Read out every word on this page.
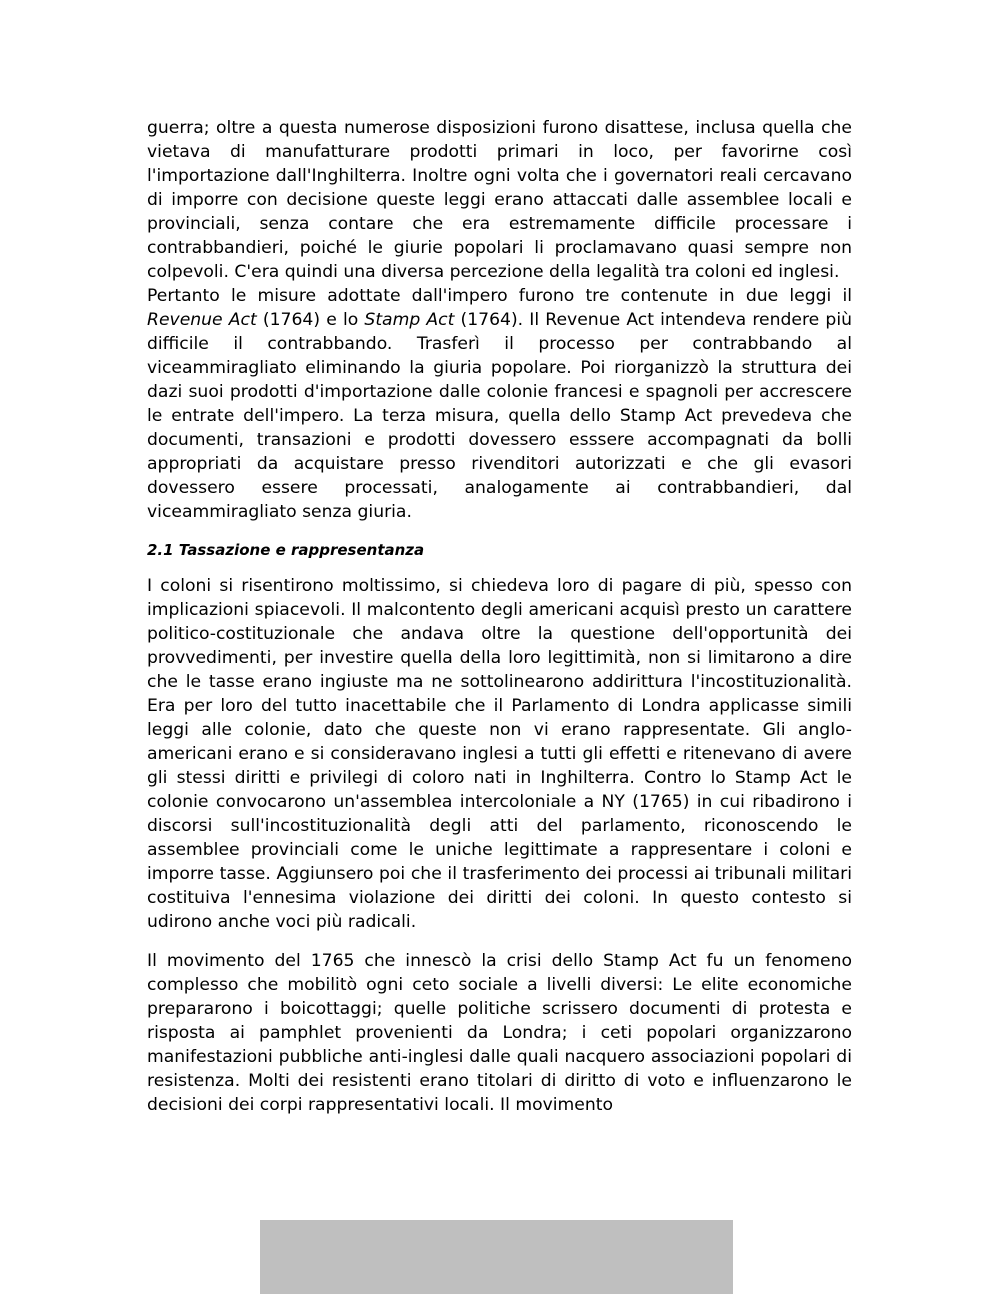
guerra; oltre a questa numerose disposizioni furono disattese, inclusa quella che vietava di manufatturare prodotti primari in loco, per favorirne così l'importazione dall'Inghilterra. Inoltre ogni volta che i governatori reali cercavano di imporre con decisione queste leggi erano attaccati dalle assemblee locali e provinciali, senza contare che era estremamente difficile processare i contrabbandieri, poiché le giurie popolari li proclamavano quasi sempre non colpevoli. C'era quindi una diversa percezione della legalità tra coloni ed inglesi.
Pertanto le misure adottate dall'impero furono tre contenute in due leggi il Revenue Act (1764) e lo Stamp Act (1764). Il Revenue Act intendeva rendere più difficile il contrabbando. Trasferì il processo per contrabbando al viceammiragliato eliminando la giuria popolare. Poi riorganizzò la struttura dei dazi suoi prodotti d'importazione dalle colonie francesi e spagnoli per accrescere le entrate dell'impero. La terza misura, quella dello Stamp Act prevedeva che documenti, transazioni e prodotti dovessero esssere accompagnati da bolli appropriati da acquistare presso rivenditori autorizzati e che gli evasori dovessero essere processati, analogamente ai contrabbandieri, dal viceammiragliato senza giuria.

2.1 Tassazione e rappresentanza

I coloni si risentirono moltissimo, si chiedeva loro di pagare di più, spesso con implicazioni spiacevoli. Il malcontento degli americani acquisì presto un carattere politico-costituzionale che andava oltre la questione dell'opportunità dei provvedimenti, per investire quella della loro legittimità, non si limitarono a dire che le tasse erano ingiuste ma ne sottolinearono addirittura l'incostituzionalità. Era per loro del tutto inacettabile che il Parlamento di Londra applicasse simili leggi alle colonie, dato che queste non vi erano rappresentate. Gli anglo-americani erano e si consideravano inglesi a tutti gli effetti e ritenevano di avere gli stessi diritti e privilegi di coloro nati in Inghilterra. Contro lo Stamp Act le colonie convocarono un'assemblea intercoloniale a NY (1765) in cui ribadirono i discorsi sull'incostituzionalità degli atti del parlamento, riconoscendo le assemblee provinciali come le uniche legittimate a rappresentare i coloni e imporre tasse. Aggiunsero poi che il trasferimento dei processi ai tribunali militari costituiva l'ennesima violazione dei diritti dei coloni. In questo contesto si udirono anche voci più radicali.

Il movimento del 1765 che innescò la crisi dello Stamp Act fu un fenomeno complesso che mobilitò ogni ceto sociale a livelli diversi: Le elite economiche prepararono i boicottaggi; quelle politiche scrissero documenti di protesta e risposta ai pamphlet provenienti da Londra; i ceti popolari organizzarono manifestazioni pubbliche anti-inglesi dalle quali nacquero associazioni popolari di resistenza. Molti dei resistenti erano titolari di diritto di voto e influenzarono le decisioni dei corpi rappresentativi locali. Il movimento
